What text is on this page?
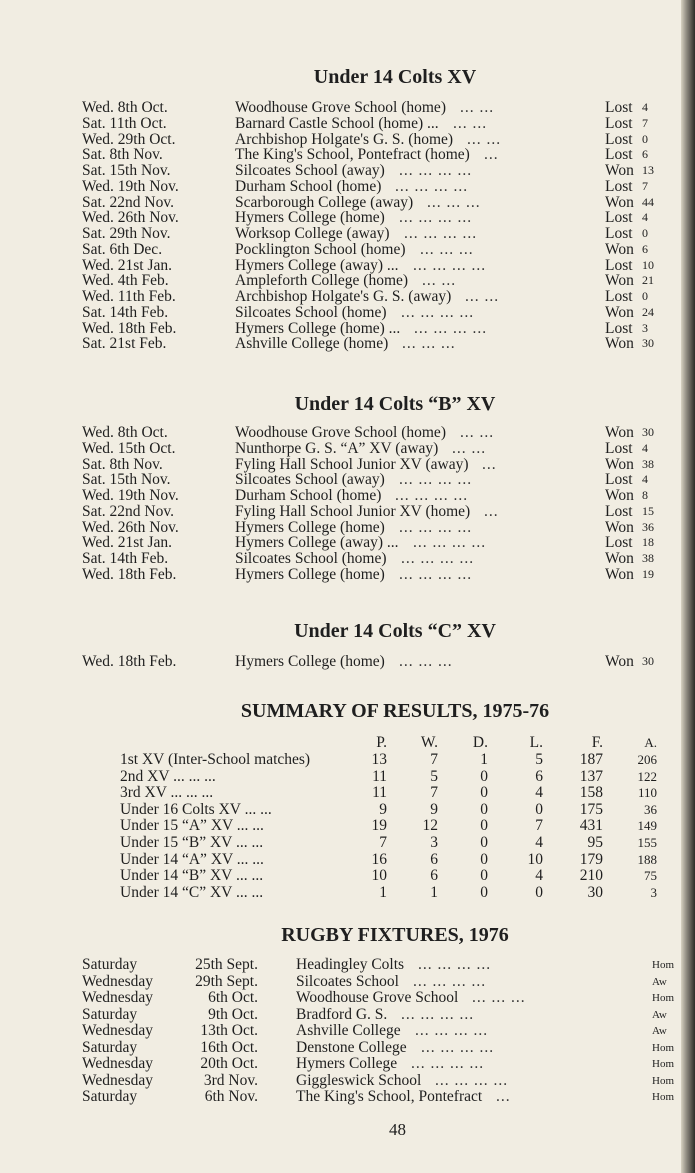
Under 14 Colts XV
Wed. 8th Oct.	Woodhouse Grove School (home) ... ...	Lost 4
Sat. 11th Oct.	Barnard Castle School (home) ... ... ...	Lost 7
Wed. 29th Oct.	Archbishop Holgate's G. S. (home) ... ...	Lost 0
Sat. 8th Nov.	The King's School, Pontefract (home) ...	Lost 6
Sat. 15th Nov.	Silcoates School (away) ... ... ... ...	Won 13
Wed. 19th Nov.	Durham School (home) ... ... ... ...	Lost 7
Sat. 22nd Nov.	Scarborough College (away) ... ... ...	Won 44
Wed. 26th Nov.	Hymers College (home) ... ... ... ...	Lost 4
Sat. 29th Nov.	Worksop College (away) ... ... ... ...	Lost 0
Sat. 6th Dec.	Pocklington School (home) ... ... ...	Won 6
Wed. 21st Jan.	Hymers College (away) ... ... ... ... ...	Lost 10
Wed. 4th Feb.	Ampleforth College (home) ... ...	Won 21
Wed. 11th Feb.	Archbishop Holgate's G. S. (away) ... ...	Lost 0
Sat. 14th Feb.	Silcoates School (home) ... ... ... ...	Won 24
Wed. 18th Feb.	Hymers College (home) ... ... ... ... ...	Lost 3
Sat. 21st Feb.	Ashville College (home) ... ... ...	Won 30
Under 14 Colts “B” XV
Wed. 8th Oct.	Woodhouse Grove School (home) ... ...	Won 30
Wed. 15th Oct.	Nunthorpe G. S. “A” XV (away) ... ...	Lost 4
Sat. 8th Nov.	Fyling Hall School Junior XV (away) ...	Won 38
Sat. 15th Nov.	Silcoates School (away) ... ... ... ...	Lost 4
Wed. 19th Nov.	Durham School (home) ... ... ... ...	Won 8
Sat. 22nd Nov.	Fyling Hall School Junior XV (home) ...	Lost 15
Wed. 26th Nov.	Hymers College (home) ... ... ... ...	Won 36
Wed. 21st Jan.	Hymers College (away) ... ... ... ... ...	Lost 18
Sat. 14th Feb.	Silcoates School (home) ... ... ... ...	Won 38
Wed. 18th Feb.	Hymers College (home) ... ... ... ...	Won 19
Under 14 Colts “C” XV
Wed. 18th Feb.	Hymers College (home) ... ... ...	Won 30
SUMMARY OF RESULTS, 1975-76
P.	W.	D.	L.	F.	A.
1st XV (Inter-School matches)	13	7	1	5	187	206
2nd XV ... ... ...	11	5	0	6	137	122
3rd XV ... ... ...	11	7	0	4	158	110
Under 16 Colts XV ... ...	9	9	0	0	175	36
Under 15 “A” XV ... ...	19	12	0	7	431	149
Under 15 “B” XV ... ...	7	3	0	4	95	155
Under 14 “A” XV ... ...	16	6	0	10	179	188
Under 14 “B” XV ... ...	10	6	0	4	210	75
Under 14 “C” XV ... ...	1	1	0	0	30	3
RUGBY FIXTURES, 1976
Saturday	25th Sept. Headingley Colts ... ... ... ...	Hom
Wednesday	29th Sept. Silcoates School ... ... ... ...	Aw
Wednesday	6th Oct. Woodhouse Grove School ... ... ...	Hom
Saturday	9th Oct. Bradford G. S. ... ... ... ...	Aw
Wednesday	13th Oct. Ashville College ... ... ... ...	Aw
Saturday	16th Oct. Denstone College ... ... ... ...	Hom
Wednesday	20th Oct. Hymers College ... ... ... ...	Hom
Wednesday	3rd Nov. Giggleswick School ... ... ... ...	Hom
Saturday	6th Nov. The King's School, Pontefract ...	Hom
48
